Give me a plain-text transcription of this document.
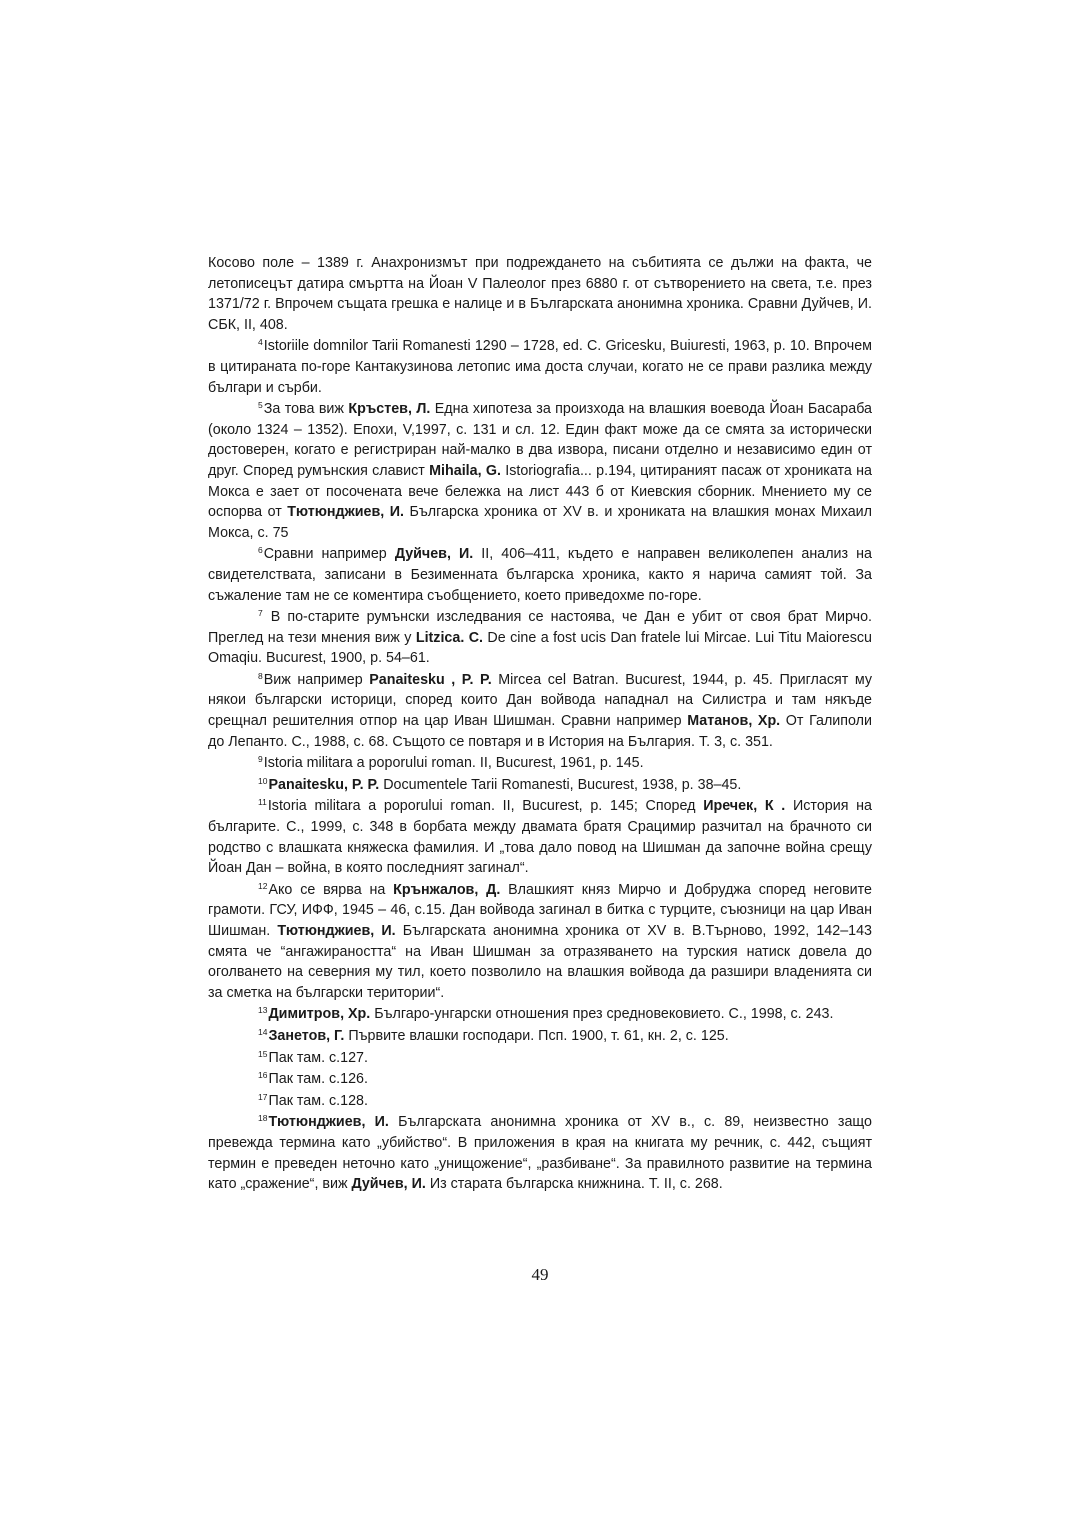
Косово поле – 1389 г. Анахронизмът при подреждането на събитията се дължи на факта, че летописецът датира смъртта на Йоан V Палеолог през 6880 г. от сътворението на света, т.е. през 1371/72 г. Впрочем същата грешка е налице и в Българската анонимна хроника. Сравни Дуйчев, И. СБК, II, 408.

$^4$Istoriile domnilor Tarii Romanesti 1290 – 1728, ed. C. Gricesku, Buiuresti, 1963, p. 10. Впрочем в цитираната по-горе Кантакузинова летопис има доста случаи, когато не се прави разлика между българи и сърби.

$^5$За това виж Кръстев, Л. Една хипотеза за произхода на влашкия воевода Йоан Басараба (около 1324 – 1352). Епохи, V,1997, с. 131 и сл. 12. Един факт може да се смята за исторически достоверен, когато е регистриран най-малко в два извора, писани отделно и независимо един от друг. Според румънския славист Mihaila, G. Istoriografia... p.194, цитираният пасаж от хрониката на Мокса е заeт от посочената вече бележка на лист 443 б от Киевския сборник. Мнението му се оспорва от Тютюнджиев, И. Българска хроника от XV в. и хрониката на влашкия монах Михаил Мокса, с. 75

$^6$Сравни например Дуйчев, И. II, 406–411, където е направен великолепен анализ на свидетелствата, записани в Безименната българска хроника, както я нарича самият той. За съжаление там не се коментира съобщението, което приведохме по-горе.

$^7$ В по-старите румънски изследвания се настоява, че Дан е убит от своя брат Мирчо. Преглед на тези мнения виж у Litzica. C. De cine a fost ucis Dan fratele lui Mircae. Lui Titu Maiorescu Omaqiu. Bucurest, 1900, p. 54–61.

$^8$Виж например Panaitesku , P. P. Mircea cel Batran. Bucurest, 1944, p. 45. Приглaсят му някои български историци, според които Дан войвода нападнал на Силистра и там някъде срещнал решителния отпор на цар Иван Шишман. Сравни например Матанов, Хр. От Галиполи до Лепанто. С., 1988, с. 68. Същото се повтаря и в История на България. Т. 3, с. 351.

$^9$Istoria militara a poporului roman. II, Bucurest, 1961, p. 145.

$^{10}$Panaitesku, P. P. Documentele Tarii Romanesti, Bucurest, 1938, p. 38–45.

$^{11}$Istoria militara a poporului roman. II, Bucurest, p. 145; Според Иречек, К . История на българите. С., 1999, с. 348 в борбата между двамата братя Срацимир разчитал на брачното си родство с влашката княжеска фамилия. И „това дало повод на Шишман да започне война срещу Йоан Дан – война, в която последният загинал“.

$^{12}$Ако се вярва на Крънжалов, Д. Влашкият княз Мирчо и Добруджа според неговите грамоти. ГСУ, ИФФ, 1945 – 46, с.15. Дан войвода загинал в битка с турците, съюзници на цар Иван Шишман. Тютюнджиев, И. Българската анонимна хроника от XV в. В.Търново, 1992, 142–143 смята че “ангажираността“ на Иван Шишман за отразяването на турския натиск довела до оголването на северния му тил, което позволило на влашкия войвода да разшири владенията си за сметка на български територии“.

$^{13}$Димитров, Хр. Българо-унгарски отношения през средновековието. С., 1998, с. 243.

$^{14}$Занетов, Г. Първите влашки господари. Псп. 1900, т. 61, кн. 2, с. 125.

$^{15}$Пак там. с.127.

$^{16}$Пак там. с.126.

$^{17}$Пак там. с.128.

$^{18}$Тютюнджиев, И. Българската анонимна хроника от XV в., с. 89, неизвестно защо превежда термина като „убийство“. В приложения в края на книгата му речник, с. 442, същият термин е преведен неточно като „унищожение“, „разбиване“. За правилното развитие на термина като „сражение“, виж Дуйчев, И. Из старата българска книжнина. Т. II, с. 268.

49
